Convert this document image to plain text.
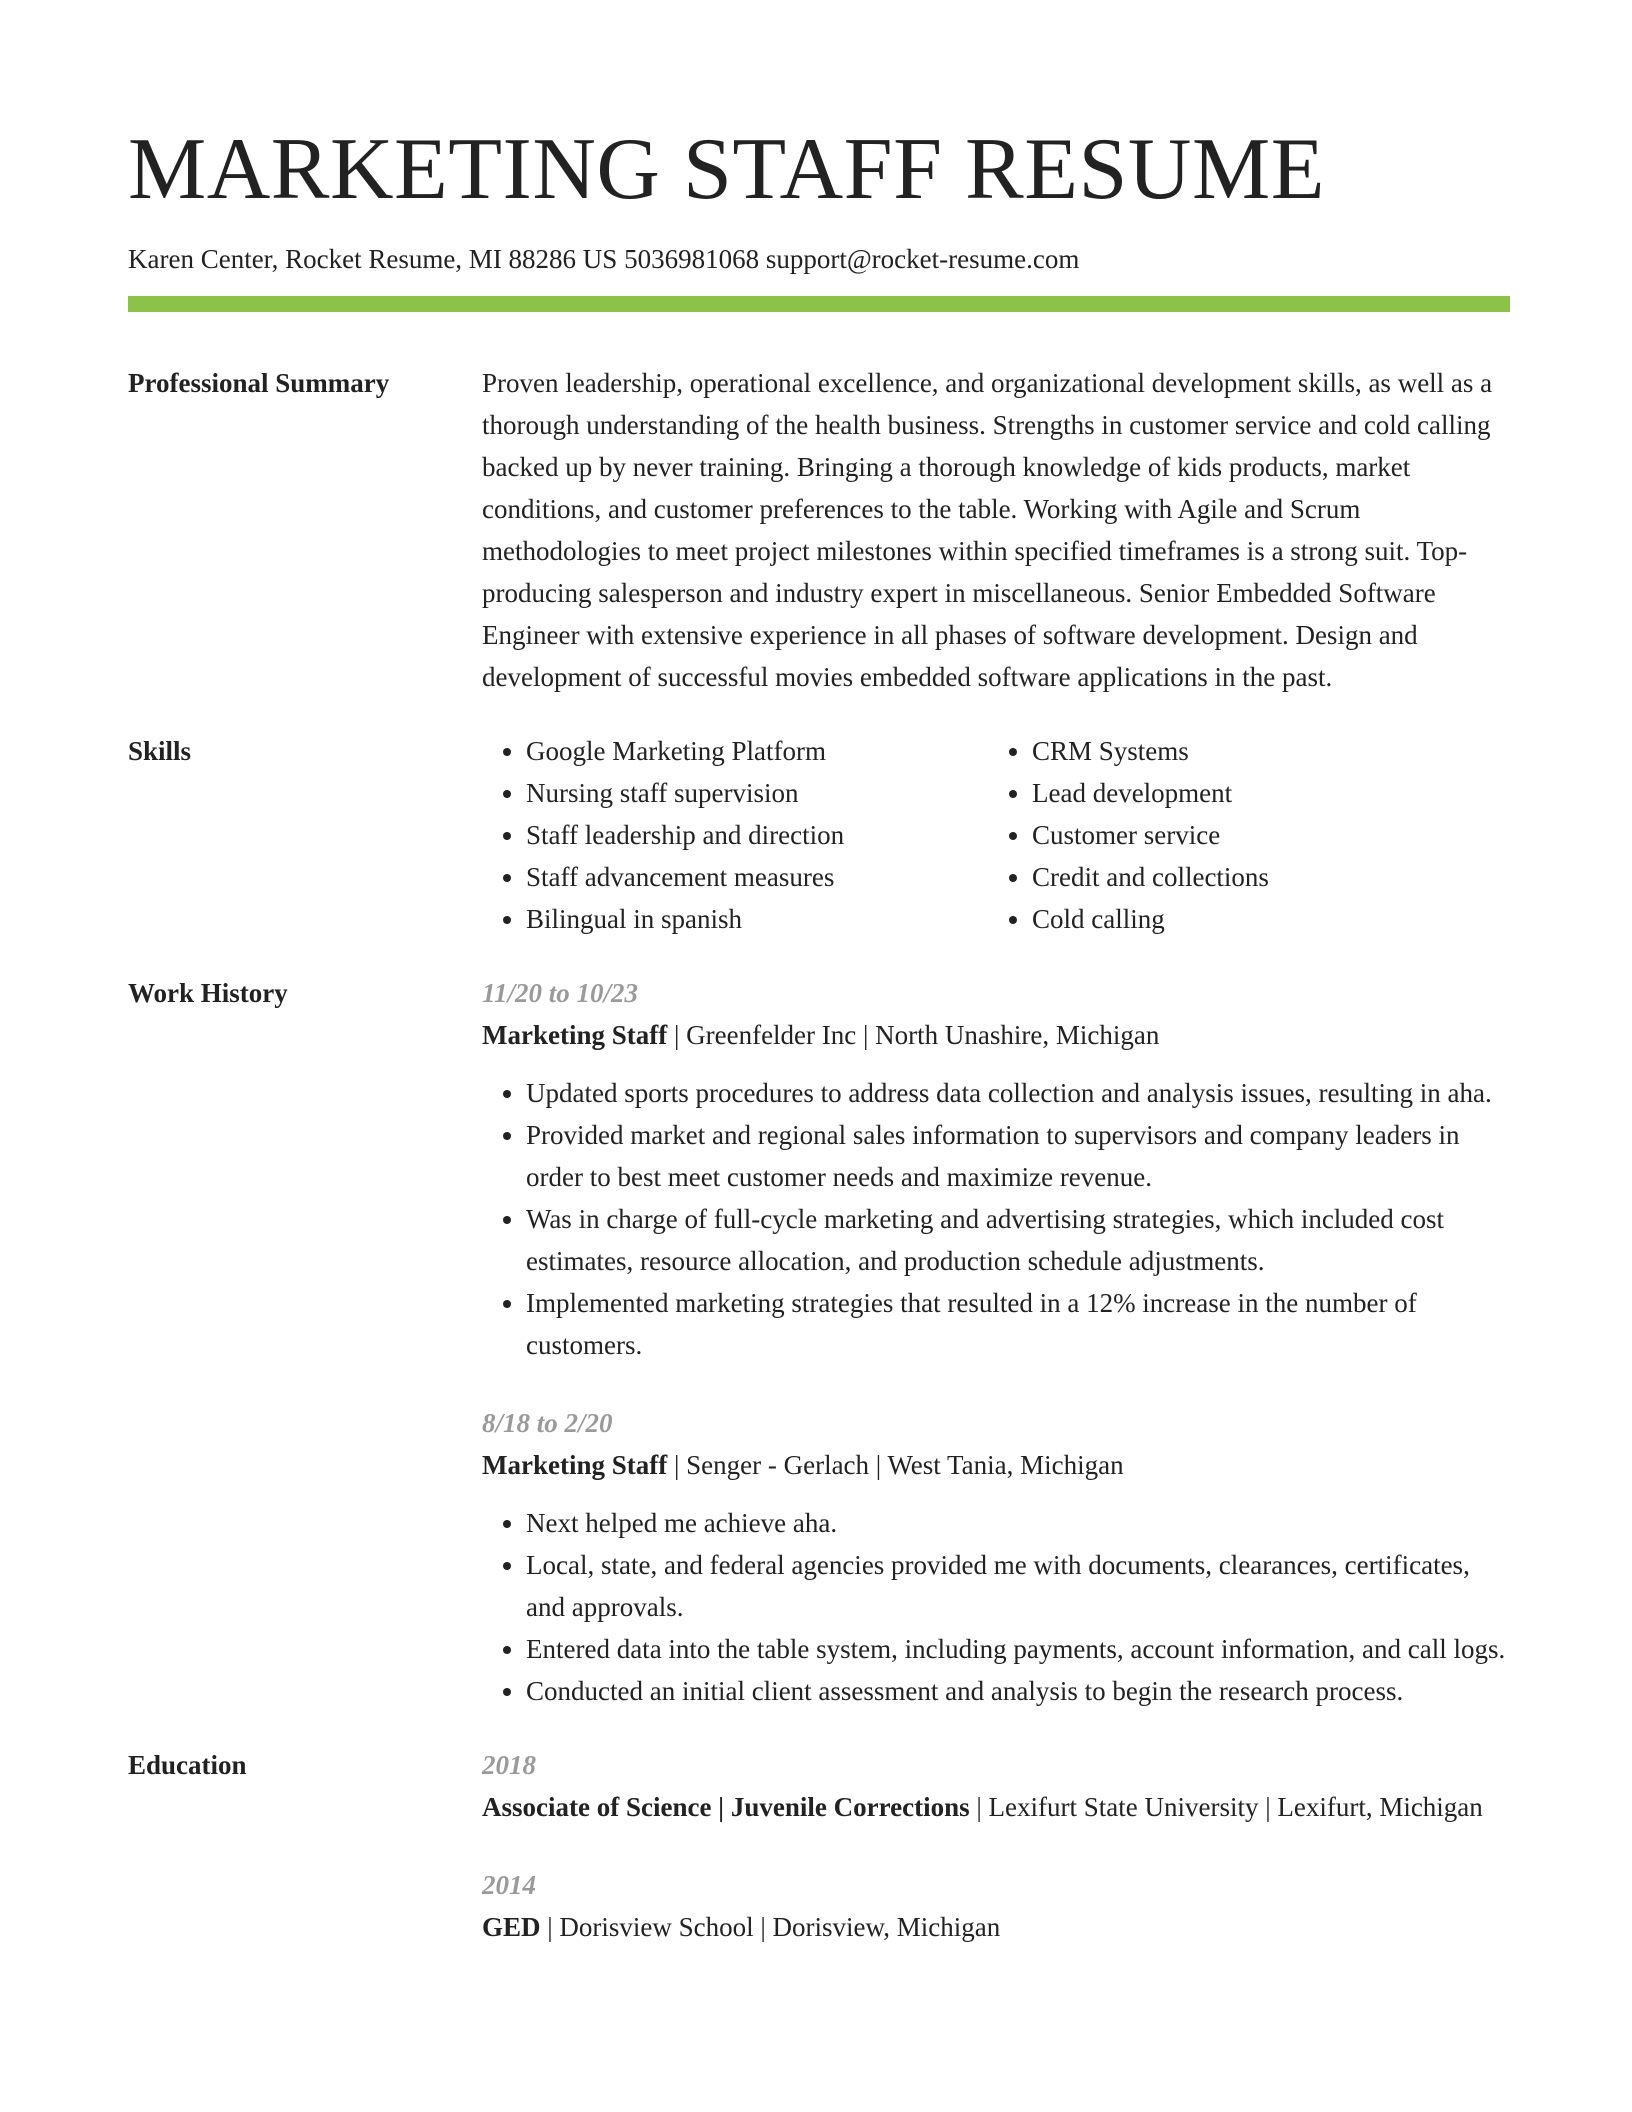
MARKETING STAFF RESUME
Karen Center, Rocket Resume, MI 88286 US 5036981068 support@rocket-resume.com
Professional Summary	Proven leadership, operational excellence, and organizational development skills, as well as a thorough understanding of the health business. Strengths in customer service and cold calling backed up by never training. Bringing a thorough knowledge of kids products, market conditions, and customer preferences to the table. Working with Agile and Scrum methodologies to meet project milestones within specified timeframes is a strong suit. Top-producing salesperson and industry expert in miscellaneous. Senior Embedded Software Engineer with extensive experience in all phases of software development. Design and development of successful movies embedded software applications in the past.
Skills
•	Google Marketing Platform
• Nursing staff supervision
• Staff leadership and direction
• Staff advancement measures
• Bilingual in spanish
• CRM Systems
• Lead development
• Customer service
• Credit and collections
• Cold calling
Work History	11/20 to 10/23
Marketing Staff | Greenfelder Inc | North Unashire, Michigan
• Updated sports procedures to address data collection and analysis issues, resulting in aha.
• Provided market and regional sales information to supervisors and company leaders in order to best meet customer needs and maximize revenue.
• Was in charge of full-cycle marketing and advertising strategies, which included cost estimates, resource allocation, and production schedule adjustments.
• Implemented marketing strategies that resulted in a 12% increase in the number of customers.
8/18 to 2/20
Marketing Staff | Senger - Gerlach | West Tania, Michigan
• Next helped me achieve aha.
• Local, state, and federal agencies provided me with documents, clearances, certificates, and approvals.
• Entered data into the table system, including payments, account information, and call logs.
• Conducted an initial client assessment and analysis to begin the research process.
Education	2018
Associate of Science | Juvenile Corrections | Lexifurt State University | Lexifurt, Michigan
2014
GED | Dorisview School | Dorisview, Michigan
